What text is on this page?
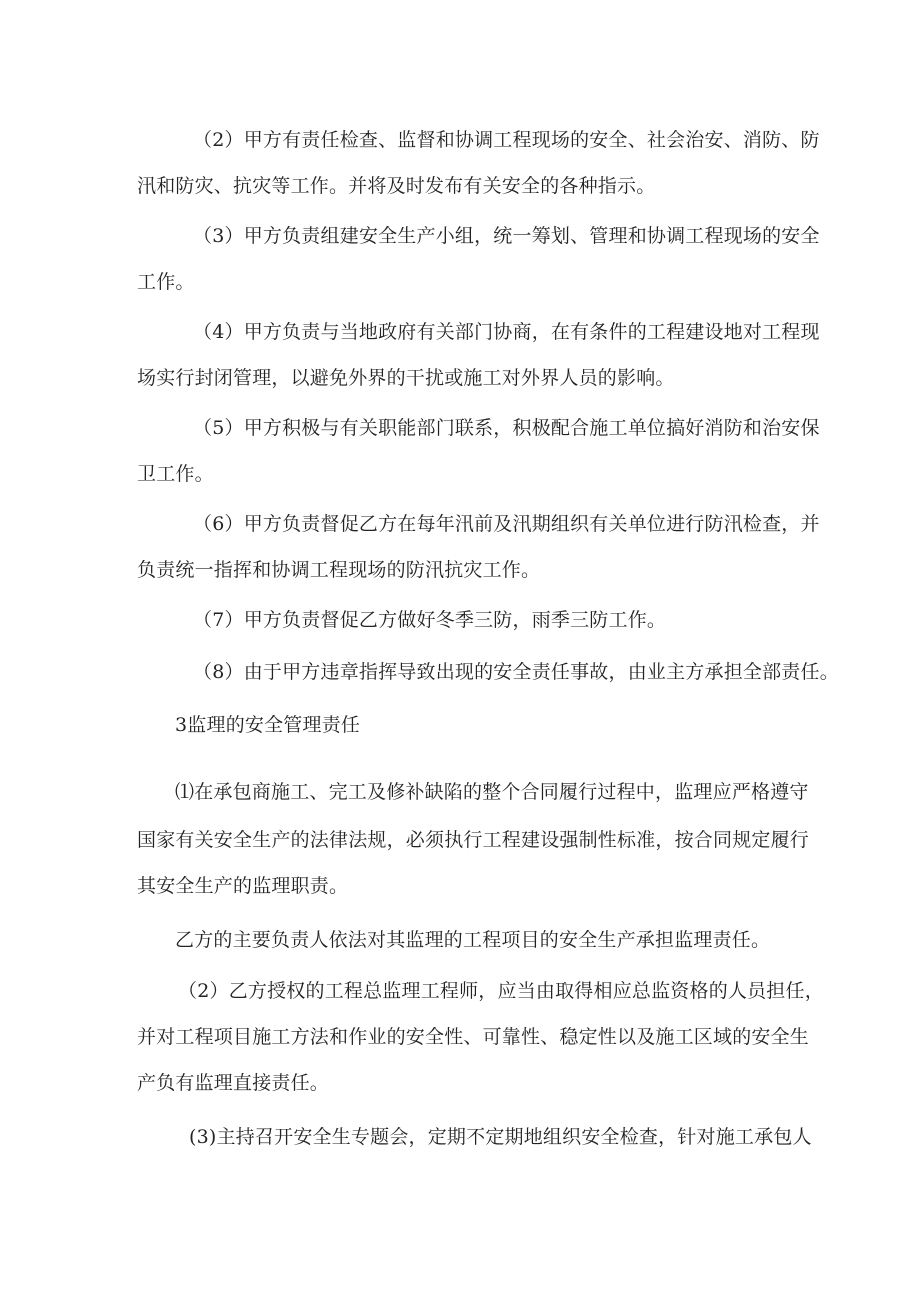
（2）甲方有责任检查、监督和协调工程现场的安全、社会治安、消防、防

汛和防灾、抗灾等工作。并将及时发布有关安全的各种指示。

（3）甲方负责组建安全生产小组，统一筹划、管理和协调工程现场的安全

工作。

（4）甲方负责与当地政府有关部门协商，在有条件的工程建设地对工程现

场实行封闭管理，以避免外界的干扰或施工对外界人员的影响。

（5）甲方积极与有关职能部门联系，积极配合施工单位搞好消防和治安保

卫工作。

（6）甲方负责督促乙方在每年汛前及汛期组织有关单位进行防汛检查，并

负责统一指挥和协调工程现场的防汛抗灾工作。

（7）甲方负责督促乙方做好冬季三防，雨季三防工作。

（8）由于甲方违章指挥导致出现的安全责任事故，由业主方承担全部责任。

3监理的安全管理责任

⑴在承包商施工、完工及修补缺陷的整个合同履行过程中，监理应严格遵守

国家有关安全生产的法律法规，必须执行工程建设强制性标准，按合同规定履行

其安全生产的监理职责。

乙方的主要负责人依法对其监理的工程项目的安全生产承担监理责任。

（2）乙方授权的工程总监理工程师，应当由取得相应总监资格的人员担任，

并对工程项目施工方法和作业的安全性、可靠性、稳定性以及施工区域的安全生

产负有监理直接责任。

(3)主持召开安全生专题会，定期不定期地组织安全检查，针对施工承包人
